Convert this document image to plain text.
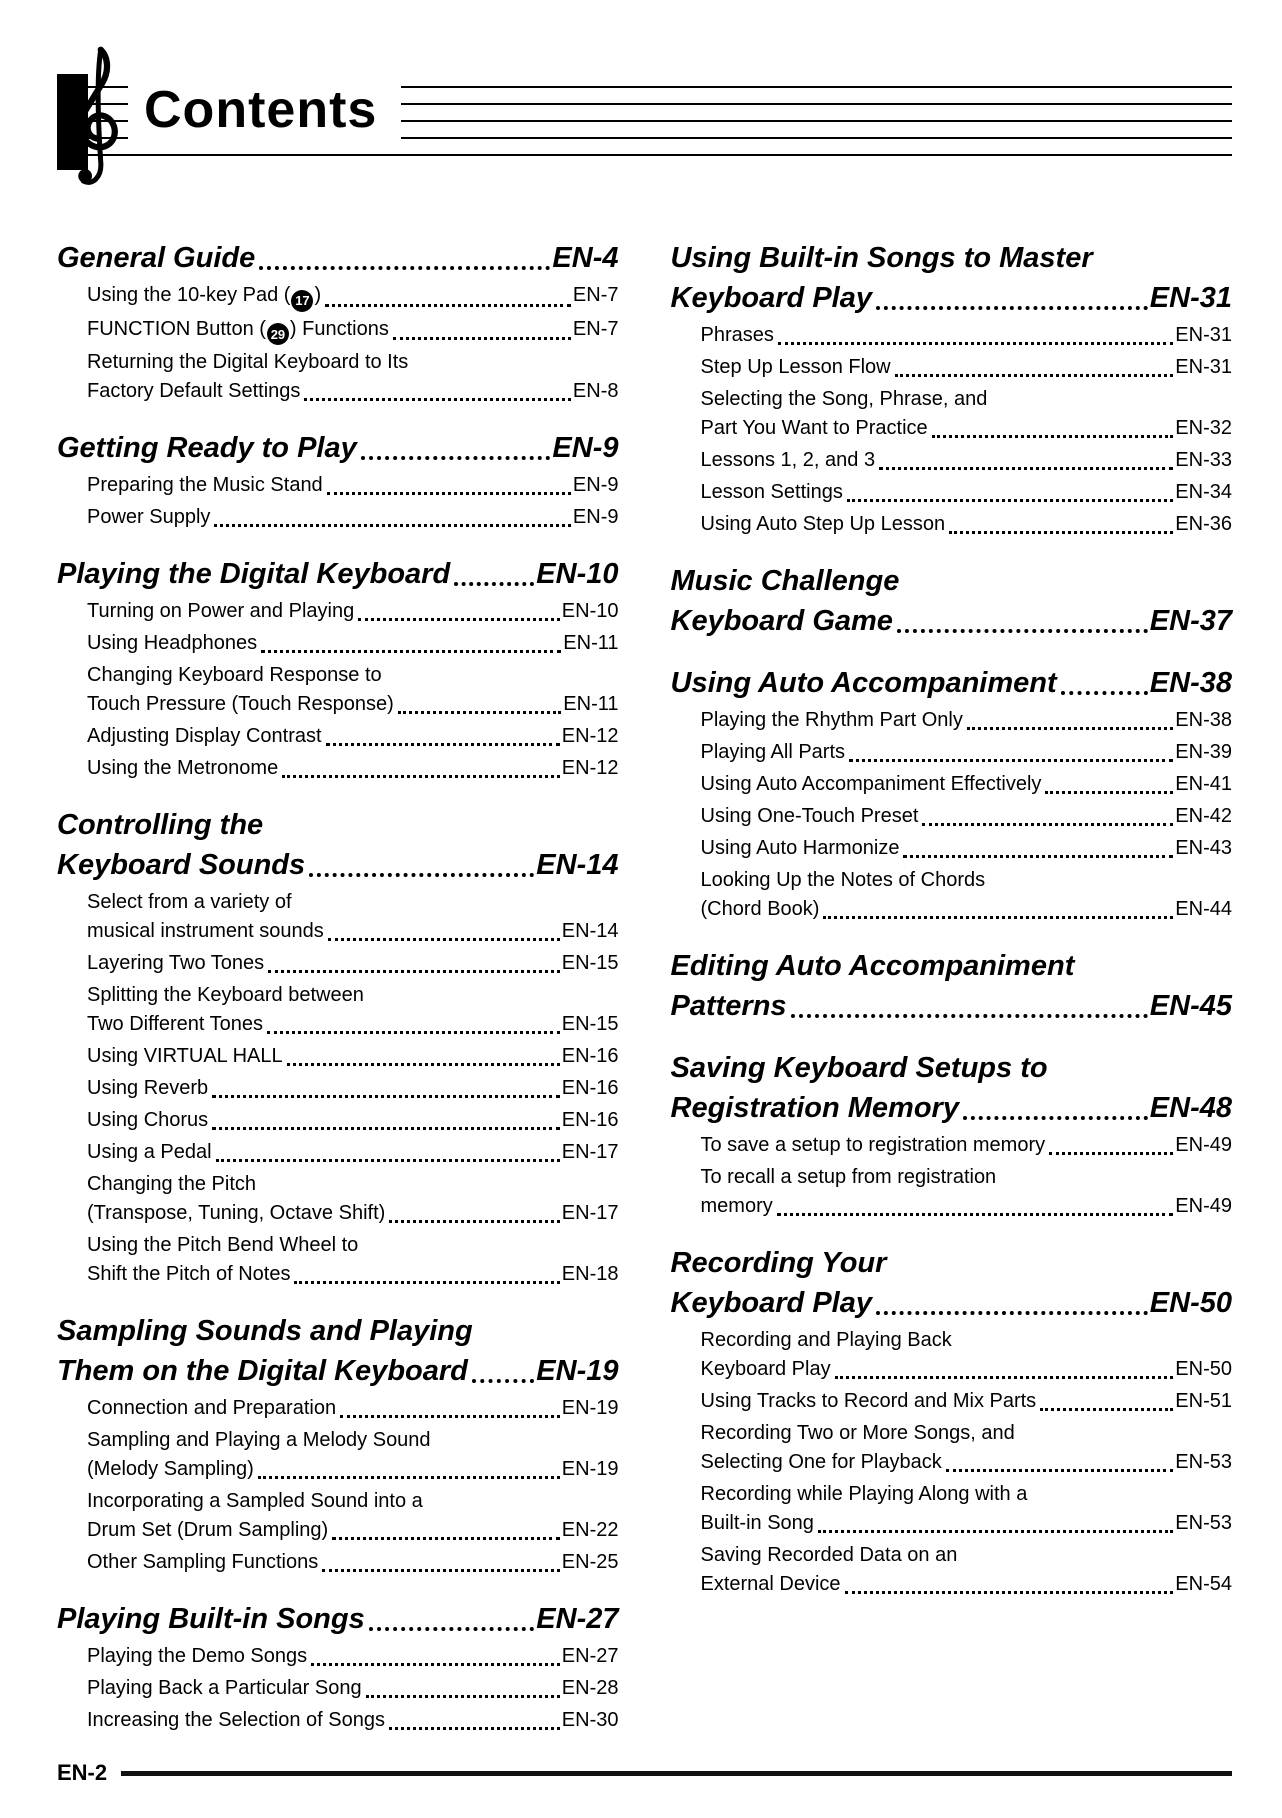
Contents
General Guide	EN-4
Using the 10-key Pad ( 17 )	EN-7
FUNCTION Button ( 29 ) Functions	EN-7
Returning the Digital Keyboard to Its
Factory Default Settings	EN-8
Getting Ready to Play	EN-9
Preparing the Music Stand	EN-9
Power Supply	EN-9
Playing the Digital Keyboard	EN-10
Turning on Power and Playing	EN-10
Using Headphones	EN-11
Changing Keyboard Response to
Touch Pressure (Touch Response)	EN-11
Adjusting Display Contrast	EN-12
Using the Metronome	EN-12
Controlling the
Keyboard Sounds	EN-14
Select from a variety of
musical instrument sounds	EN-14
Layering Two Tones	EN-15
Splitting the Keyboard between
Two Different Tones	EN-15
Using VIRTUAL HALL	EN-16
Using Reverb	EN-16
Using Chorus	EN-16
Using a Pedal	EN-17
Changing the Pitch
(Transpose, Tuning, Octave Shift)	EN-17
Using the Pitch Bend Wheel to
Shift the Pitch of Notes	EN-18
Sampling Sounds and Playing
Them on the Digital Keyboard EN-19
Connection and Preparation	EN-19
Sampling and Playing a Melody Sound
(Melody Sampling)	EN-19
Incorporating a Sampled Sound into a
Drum Set (Drum Sampling)	EN-22
Other Sampling Functions	EN-25
Playing Built-in Songs	EN-27
Playing the Demo Songs	EN-27
Playing Back a Particular Song	EN-28
Increasing the Selection of Songs	EN-30
Using Built-in Songs to Master
Keyboard Play	EN-31
Phrases	EN-31
Step Up Lesson Flow	EN-31
Selecting the Song, Phrase, and
Part You Want to Practice	EN-32
Lessons 1, 2, and 3	EN-33
Lesson Settings	EN-34
Using Auto Step Up Lesson	EN-36
Music Challenge
Keyboard Game	EN-37
Using Auto Accompaniment	EN-38
Playing the Rhythm Part Only	EN-38
Playing All Parts	EN-39
Using Auto Accompaniment Effectively	EN-41
Using One-Touch Preset	EN-42
Using Auto Harmonize	EN-43
Looking Up the Notes of Chords
(Chord Book)	EN-44
Editing Auto Accompaniment
Patterns	EN-45
Saving Keyboard Setups to
Registration Memory	EN-48
To save a setup to registration memory	EN-49
To recall a setup from registration
memory	EN-49
Recording Your
Keyboard Play	EN-50
Recording and Playing Back
Keyboard Play	EN-50
Using Tracks to Record and Mix Parts	EN-51
Recording Two or More Songs, and
Selecting One for Playback	EN-53
Recording while Playing Along with a
Built-in Song	EN-53
Saving Recorded Data on an
External Device	EN-54
EN-2
